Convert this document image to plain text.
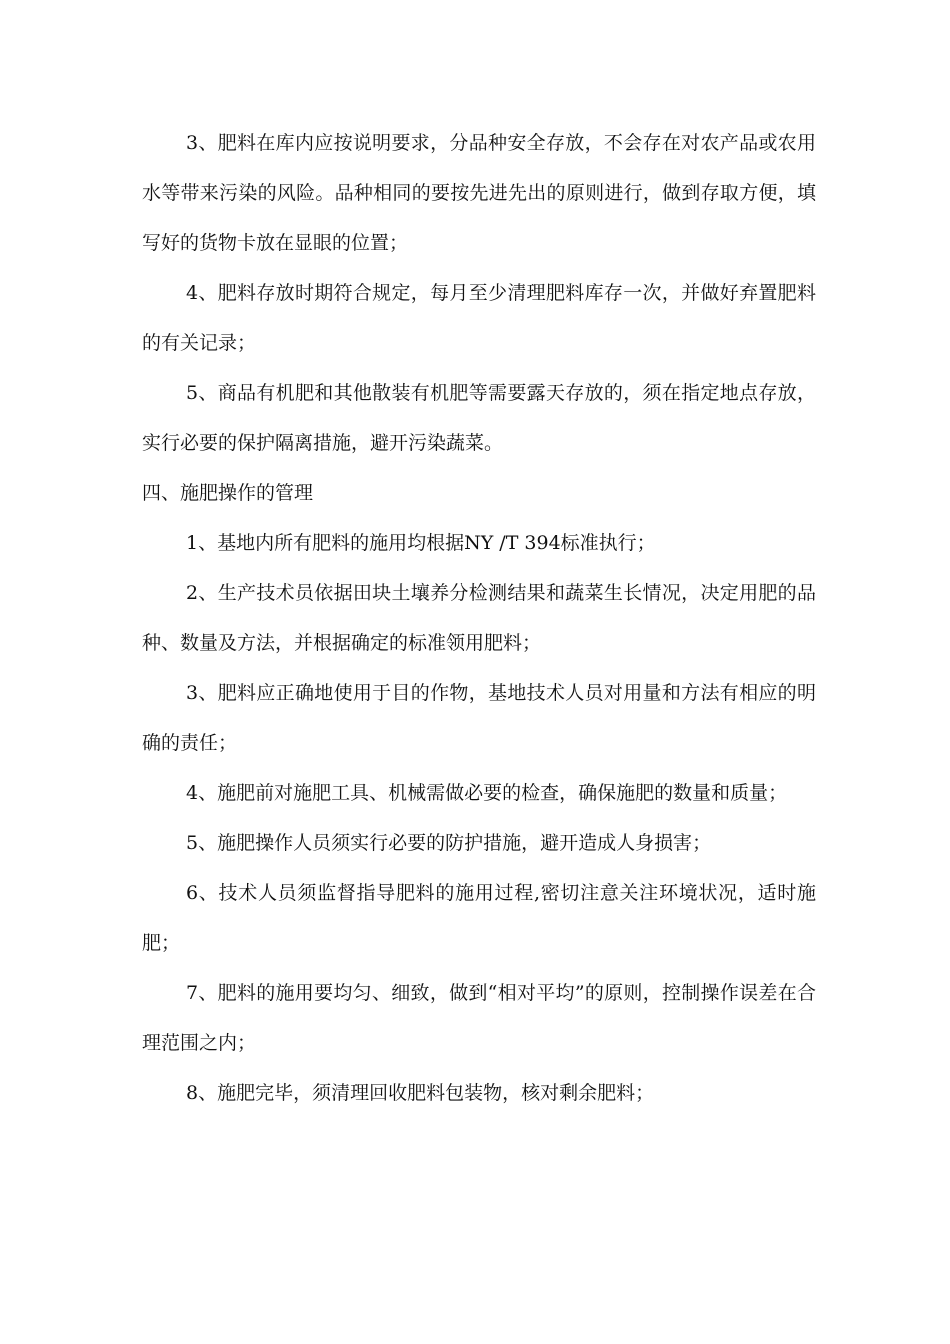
3、肥料在库内应按说明要求，分品种安全存放，不会存在对农产品或农用水等带来污染的风险。品种相同的要按先进先出的原则进行，做到存取方便，填写好的货物卡放在显眼的位置；

4、肥料存放时期符合规定，每月至少清理肥料库存一次，并做好弃置肥料的有关记录；

5、商品有机肥和其他散装有机肥等需要露天存放的，须在指定地点存放，实行必要的保护隔离措施，避开污染蔬菜。

四、施肥操作的管理

1、基地内所有肥料的施用均根据NY /T 394标准执行；

2、生产技术员依据田块土壤养分检测结果和蔬菜生长情况，决定用肥的品种、数量及方法，并根据确定的标准领用肥料；

3、肥料应正确地使用于目的作物，基地技术人员对用量和方法有相应的明确的责任；

4、施肥前对施肥工具、机械需做必要的检查，确保施肥的数量和质量；

5、施肥操作人员须实行必要的防护措施，避开造成人身损害；

6、技术人员须监督指导肥料的施用过程,密切注意关注环境状况，适时施肥；

7、肥料的施用要均匀、细致，做到“相对平均”的原则，控制操作误差在合理范围之内；

8、施肥完毕，须清理回收肥料包装物，核对剩余肥料；
